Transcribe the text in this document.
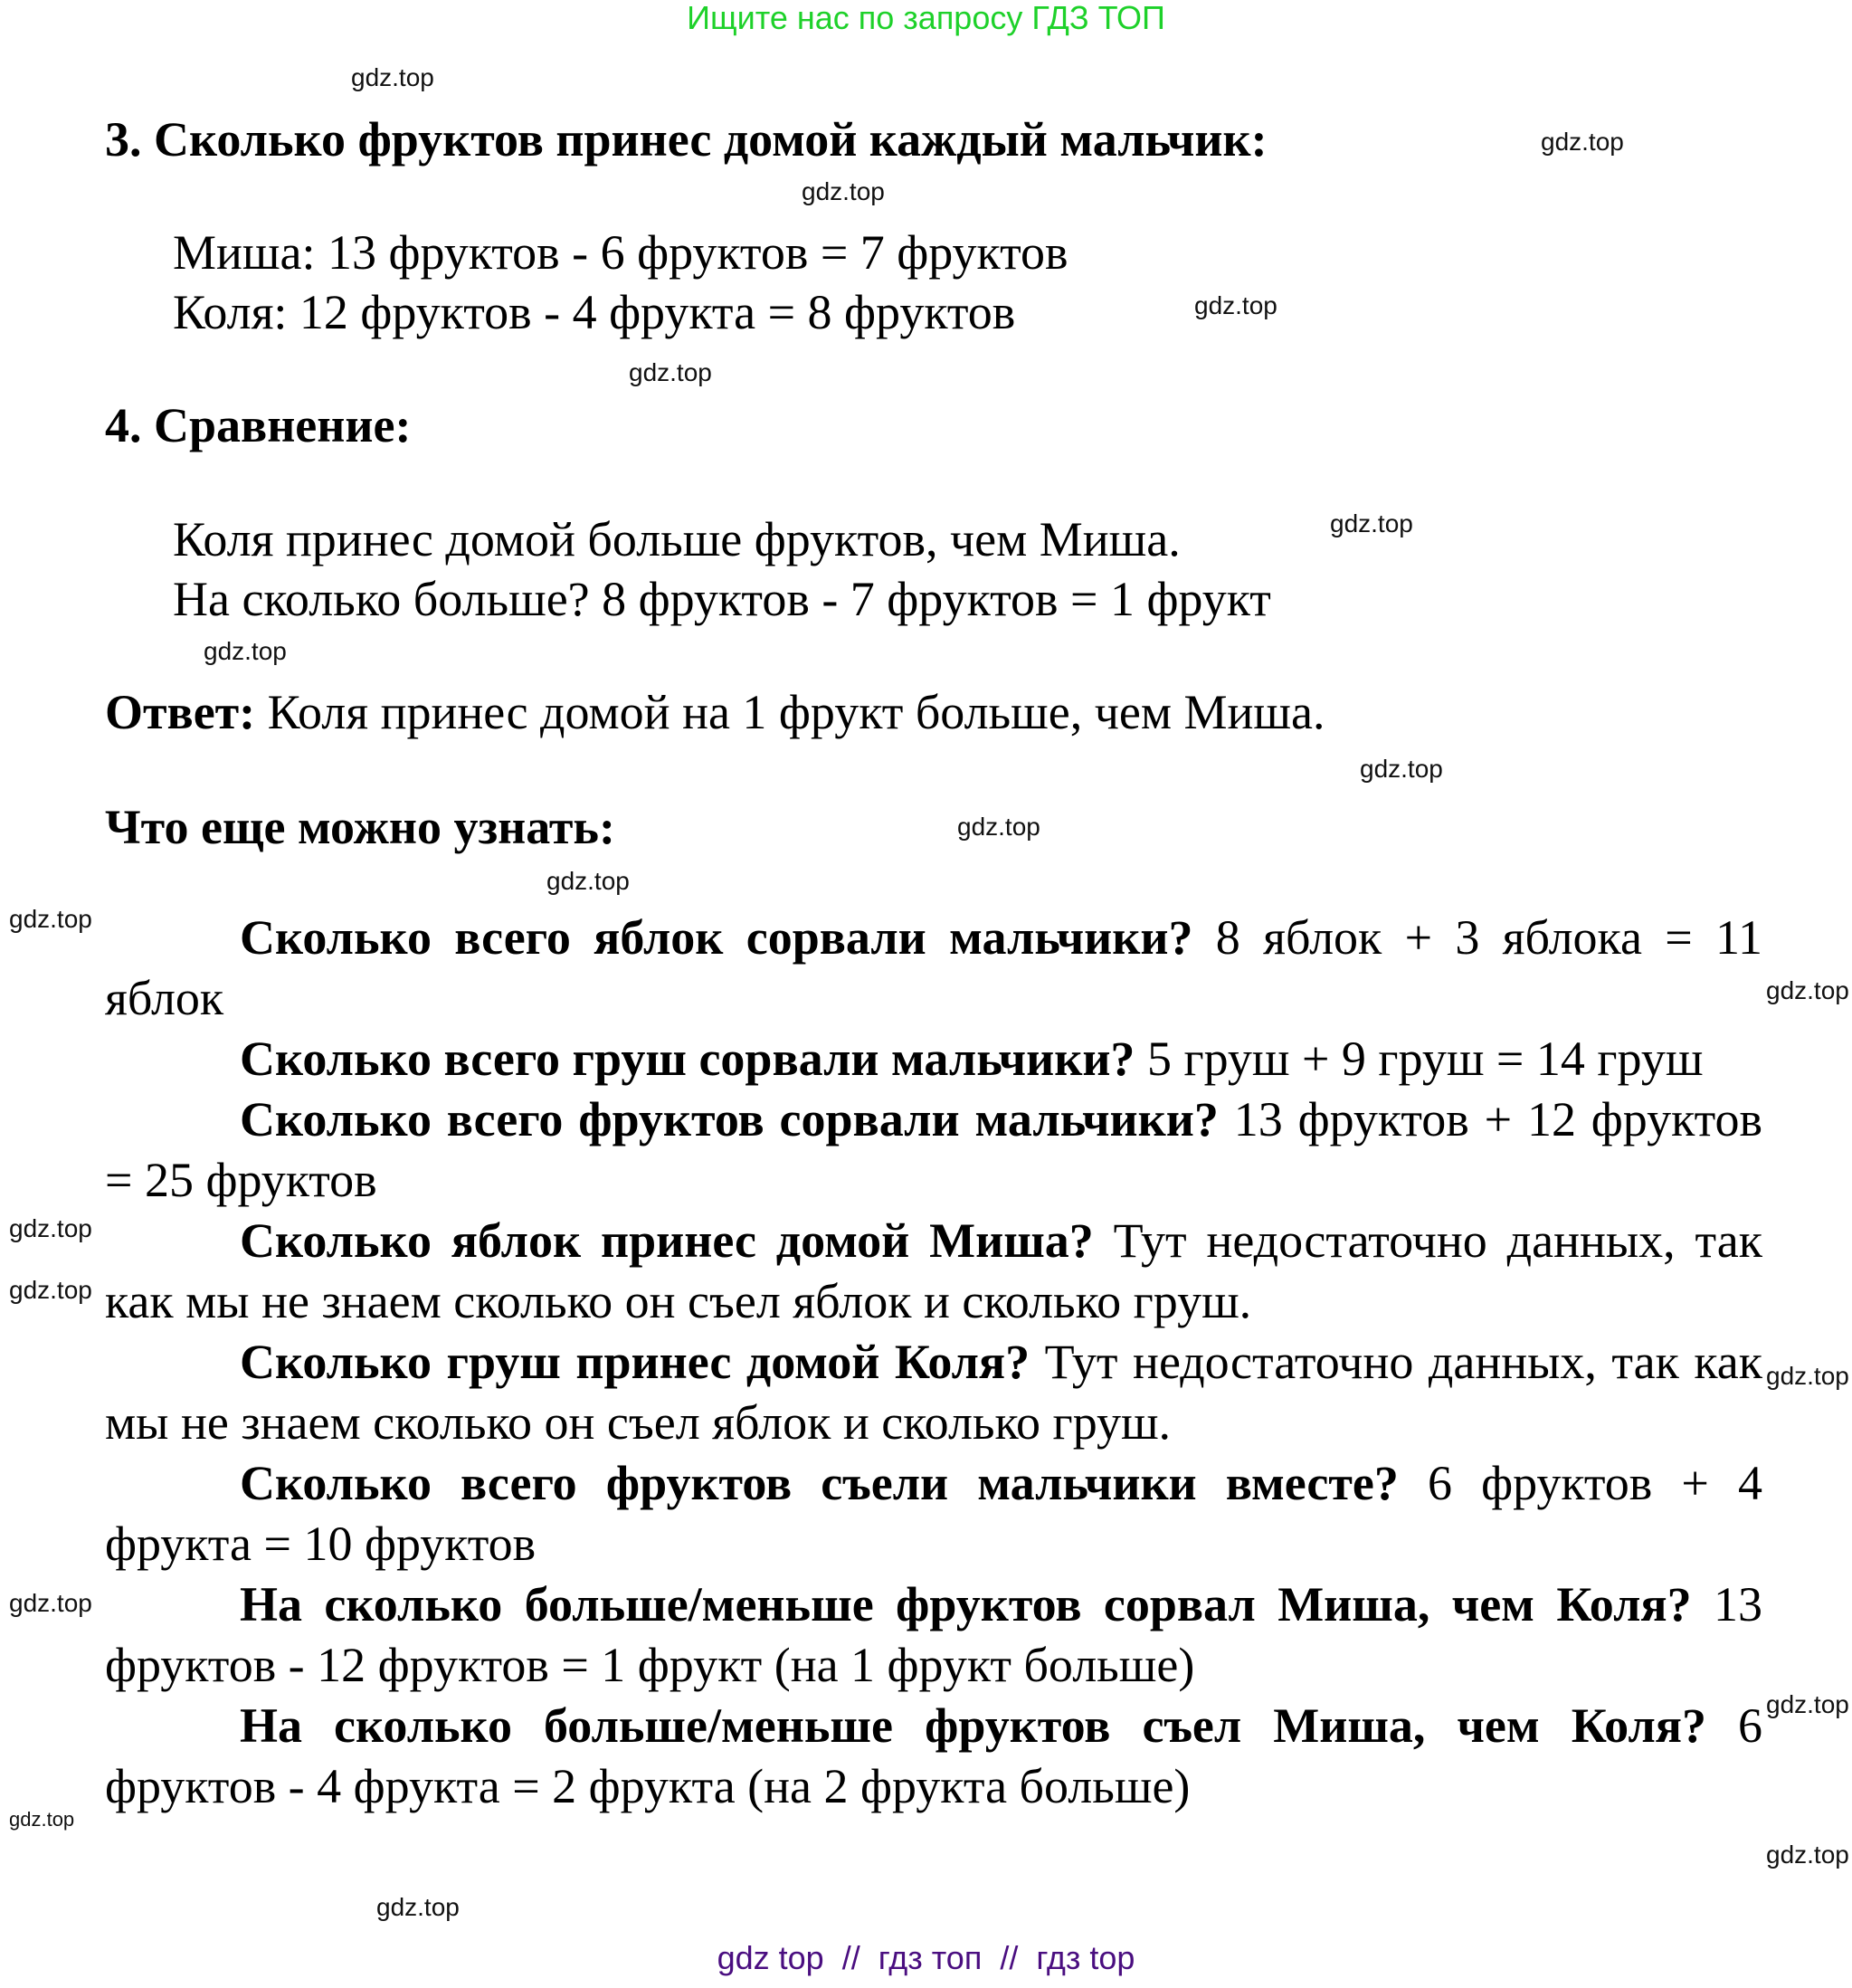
Ищите нас по запросу ГДЗ ТОП
3. Сколько фруктов принес домой каждый мальчик:
Миша: 13 фруктов - 6 фруктов = 7 фруктов
Коля: 12 фруктов - 4 фрукта = 8 фруктов
4. Сравнение:
Коля принес домой больше фруктов, чем Миша.
На сколько больше? 8 фруктов - 7 фруктов = 1 фрукт
Ответ: Коля принес домой на 1 фрукт больше, чем Миша.
Что еще можно узнать:

Сколько всего яблок сорвали мальчики? 8 яблок + 3 яблока = 11 яблок

Сколько всего груш сорвали мальчики? 5 груш + 9 груш = 14 груш

Сколько всего фруктов сорвали мальчики? 13 фруктов + 12 фруктов = 25 фруктов

Сколько яблок принес домой Миша? Тут недостаточно данных, так как мы не знаем сколько он съел яблок и сколько груш.

Сколько груш принес домой Коля? Тут недостаточно данных, так как мы не знаем сколько он съел яблок и сколько груш.

Сколько всего фруктов съели мальчики вместе? 6 фруктов + 4 фрукта = 10 фруктов

На сколько больше/меньше фруктов сорвал Миша, чем Коля? 13 фруктов - 12 фруктов = 1 фрукт (на 1 фрукт больше)

На сколько больше/меньше фруктов съел Миша, чем Коля? 6 фруктов - 4 фрукта = 2 фрукта (на 2 фрукта больше)

gdz.top
gdz.top
gdz.top
gdz.top
gdz.top
gdz.top
gdz.top
gdz.top
gdz.top
gdz.top
gdz.top
gdz.top
gdz.top
gdz.top
gdz.top
gdz.top
gdz.top
gdz.top
gdz.top
gdz.top
gdz top  //  гдз топ  //  гдз top
